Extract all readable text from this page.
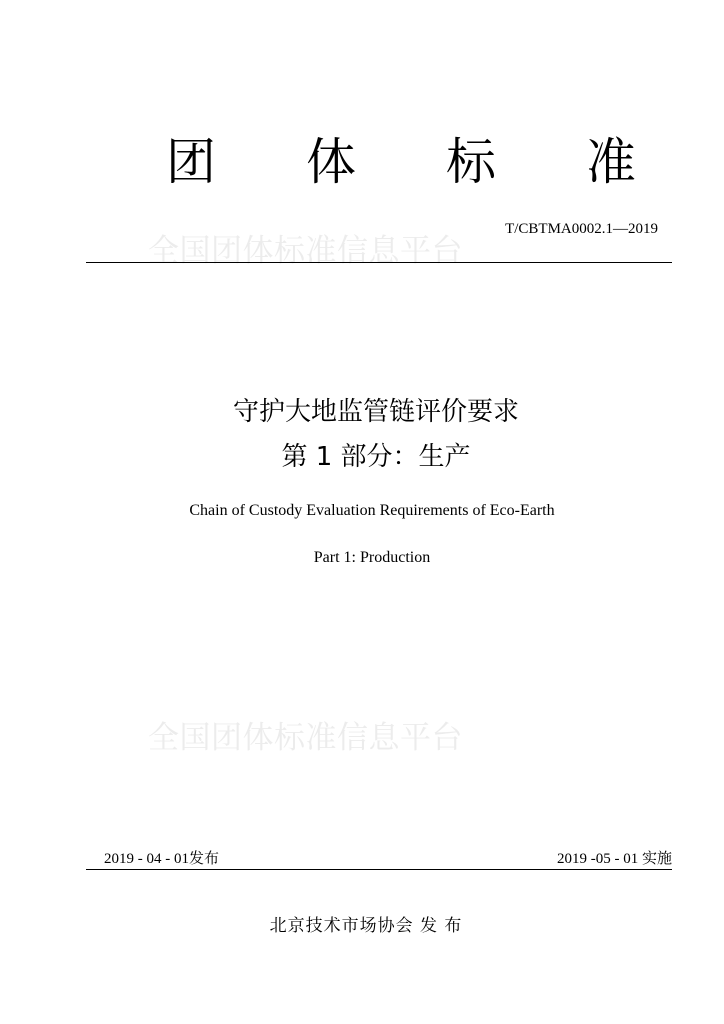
团 体 标 准
T/CBTMA0002.1—2019
全国团体标准信息平台
守护大地监管链评价要求
第 1 部分：生产
Chain of Custody Evaluation Requirements of Eco-Earth
Part 1: Production
全国团体标准信息平台
2019 - 04 - 01发布	2019 -05 - 01 实施
北京技术市场协会 发 布
